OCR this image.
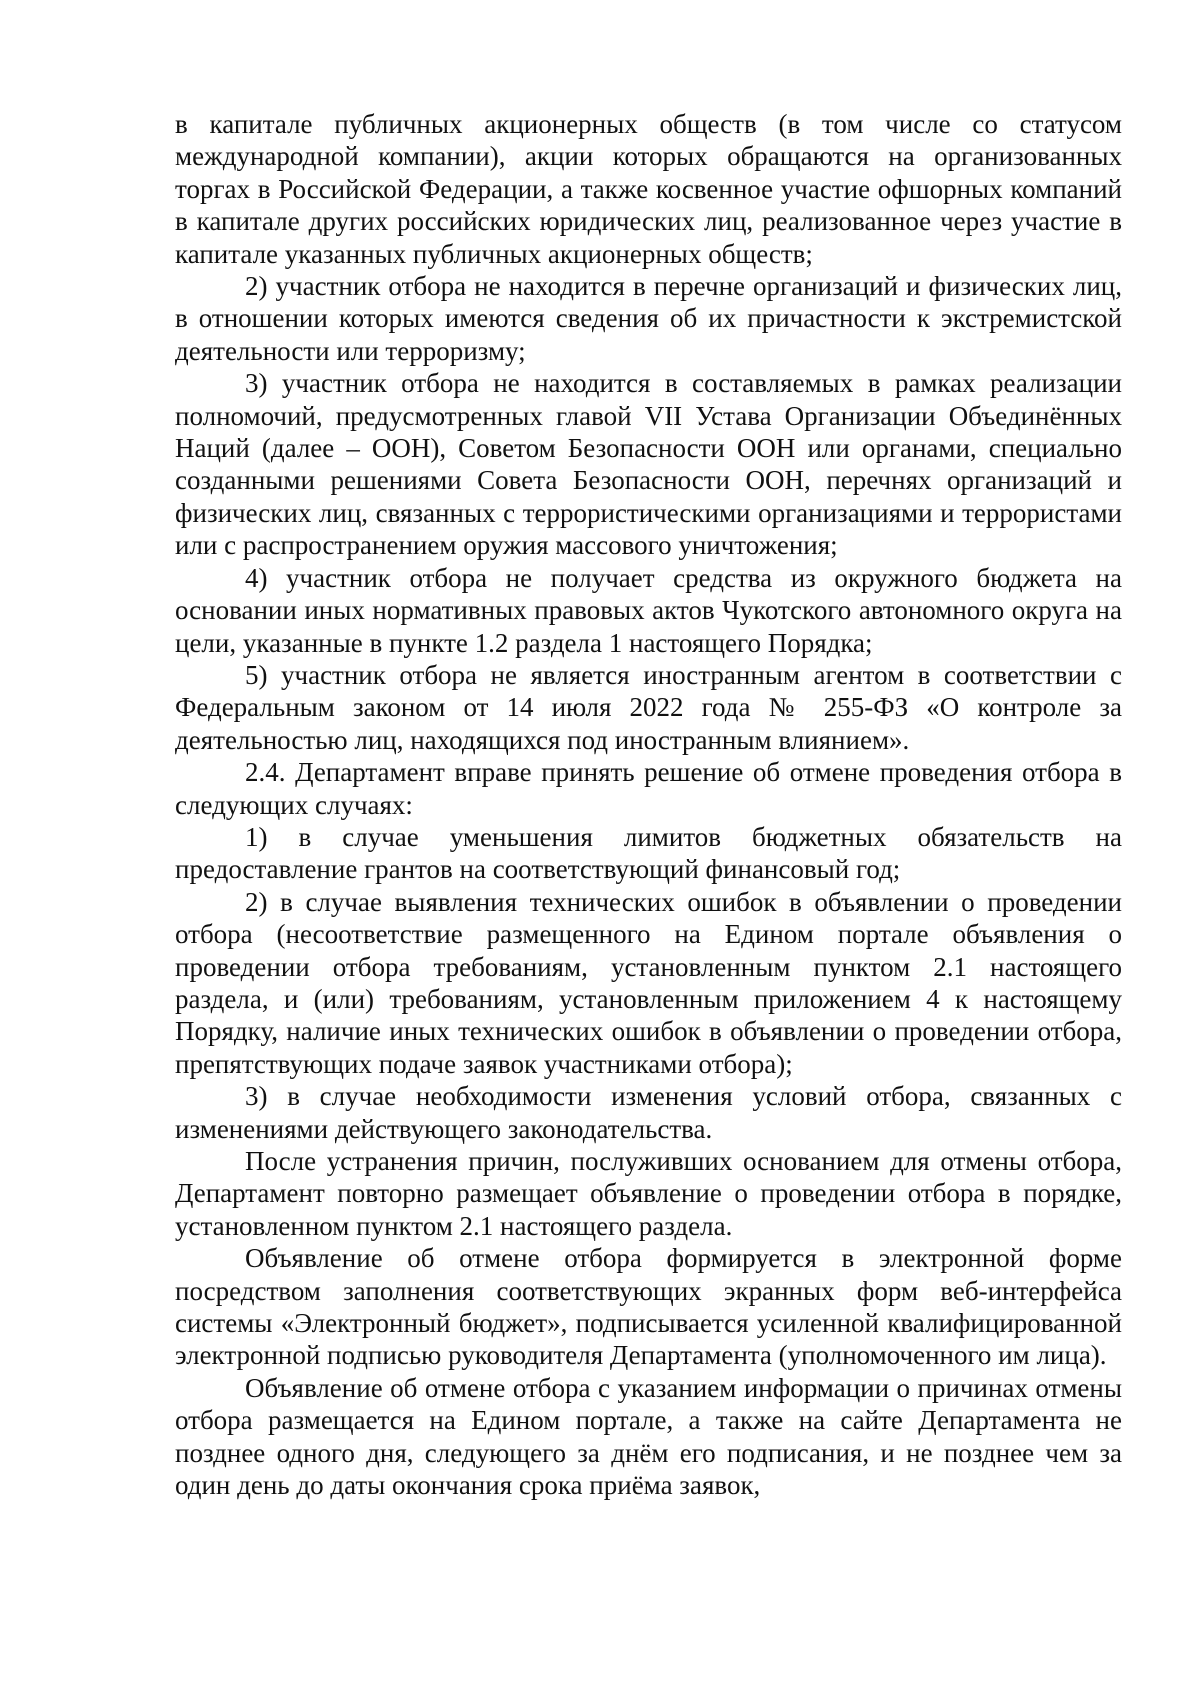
в капитале публичных акционерных обществ (в том числе со статусом международной компании), акции которых обращаются на организованных торгах в Российской Федерации, а также косвенное участие офшорных компаний в капитале других российских юридических лиц, реализованное через участие в капитале указанных публичных акционерных обществ;

2) участник отбора не находится в перечне организаций и физических лиц, в отношении которых имеются сведения об их причастности к экстремистской деятельности или терроризму;

3) участник отбора не находится в составляемых в рамках реализации полномочий, предусмотренных главой VII Устава Организации Объединённых Наций (далее – ООН), Советом Безопасности ООН или органами, специально созданными решениями Совета Безопасности ООН, перечнях организаций и физических лиц, связанных с террористическими организациями и террористами или с распространением оружия массового уничтожения;

4) участник отбора не получает средства из окружного бюджета на основании иных нормативных правовых актов Чукотского автономного округа на цели, указанные в пункте 1.2 раздела 1 настоящего Порядка;

5) участник отбора не является иностранным агентом в соответствии с Федеральным законом от 14 июля 2022 года № 255-ФЗ «О контроле за деятельностью лиц, находящихся под иностранным влиянием».

2.4. Департамент вправе принять решение об отмене проведения отбора в следующих случаях:

1) в случае уменьшения лимитов бюджетных обязательств на предоставление грантов на соответствующий финансовый год;

2) в случае выявления технических ошибок в объявлении о проведении отбора (несоответствие размещенного на Едином портале объявления о проведении отбора требованиям, установленным пунктом 2.1 настоящего раздела, и (или) требованиям, установленным приложением 4 к настоящему Порядку, наличие иных технических ошибок в объявлении о проведении отбора, препятствующих подаче заявок участниками отбора);

3) в случае необходимости изменения условий отбора, связанных с изменениями действующего законодательства.

После устранения причин, послуживших основанием для отмены отбора, Департамент повторно размещает объявление о проведении отбора в порядке, установленном пунктом 2.1 настоящего раздела.

Объявление об отмене отбора формируется в электронной форме посредством заполнения соответствующих экранных форм веб-интерфейса системы «Электронный бюджет», подписывается усиленной квалифицированной электронной подписью руководителя Департамента (уполномоченного им лица).

Объявление об отмене отбора с указанием информации о причинах отмены отбора размещается на Едином портале, а также на сайте Департамента не позднее одного дня, следующего за днём его подписания, и не позднее чем за один день до даты окончания срока приёма заявок,
